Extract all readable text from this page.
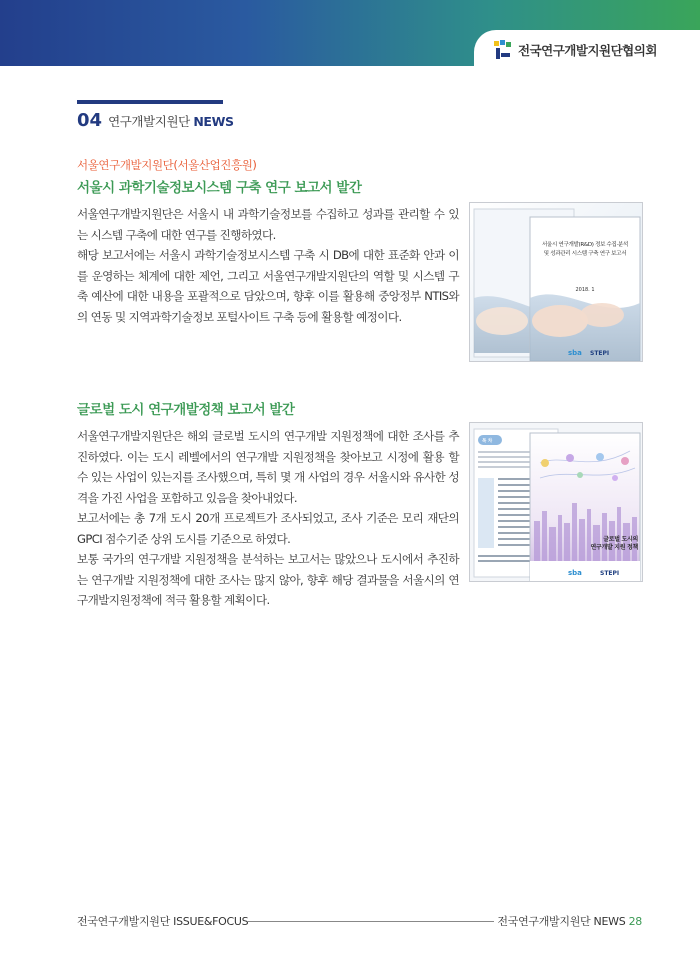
전국연구개발지원단협의회
04 연구개발지원단 NEWS
서울연구개발지원단(서울산업진흥원)
서울시 과학기술정보시스템 구축 연구 보고서 발간

서울연구개발지원단은 서울시 내 과학기술정보를 수집하고 성과를 관리할 수 있는 시스템 구축에 대한 연구를 진행하였다.

해당 보고서에는 서울시 과학기술정보시스템 구축 시 DB에 대한 표준화 안과 이를 운영하는 체계에 대한 제언, 그리고 서울연구개발지원단의 역할 및 시스템 구축 예산에 대한 내용을 포괄적으로 담았으며, 향후 이를 활용해 중앙정부 NTIS와의 연동 및 지역과학기술정보 포털사이트 구축 등에 활용할 예정이다.

서울시 연구개발(R&D) 정보 수집·분석
및 성과관리 시스템 구축 연구 보고서
2018. 1
sba STEPI
글로벌 도시 연구개발정책 보고서 발간

서울연구개발지원단은 해외 글로벌 도시의 연구개발 지원정책에 대한 조사를 추진하였다. 이는 도시 레벨에서의 연구개발 지원정책을 찾아보고 시정에 활용 할 수 있는 사업이 있는지를 조사했으며, 특히 몇 개 사업의 경우 서울시와 유사한 성격을 가진 사업을 포함하고 있음을 찾아내었다.

보고서에는 총 7개 도시 20개 프로젝트가 조사되었고, 조사 기준은 모리 재단의 GPCI 점수기준 상위 도시를 기준으로 하였다.

보통 국가의 연구개발 지원정책을 분석하는 보고서는 많았으나 도시에서 추진하는 연구개발 지원정책에 대한 조사는 많지 않아, 향후 해당 결과물을 서울시의 연구개발지원정책에 적극 활용할 계획이다.

목 차
글로벌 도시의
연구개발 지원 정책
sba	STEPI
전국연구개발지원단 ISSUE&FOCUS	전국연구개발지원단 NEWS 28
